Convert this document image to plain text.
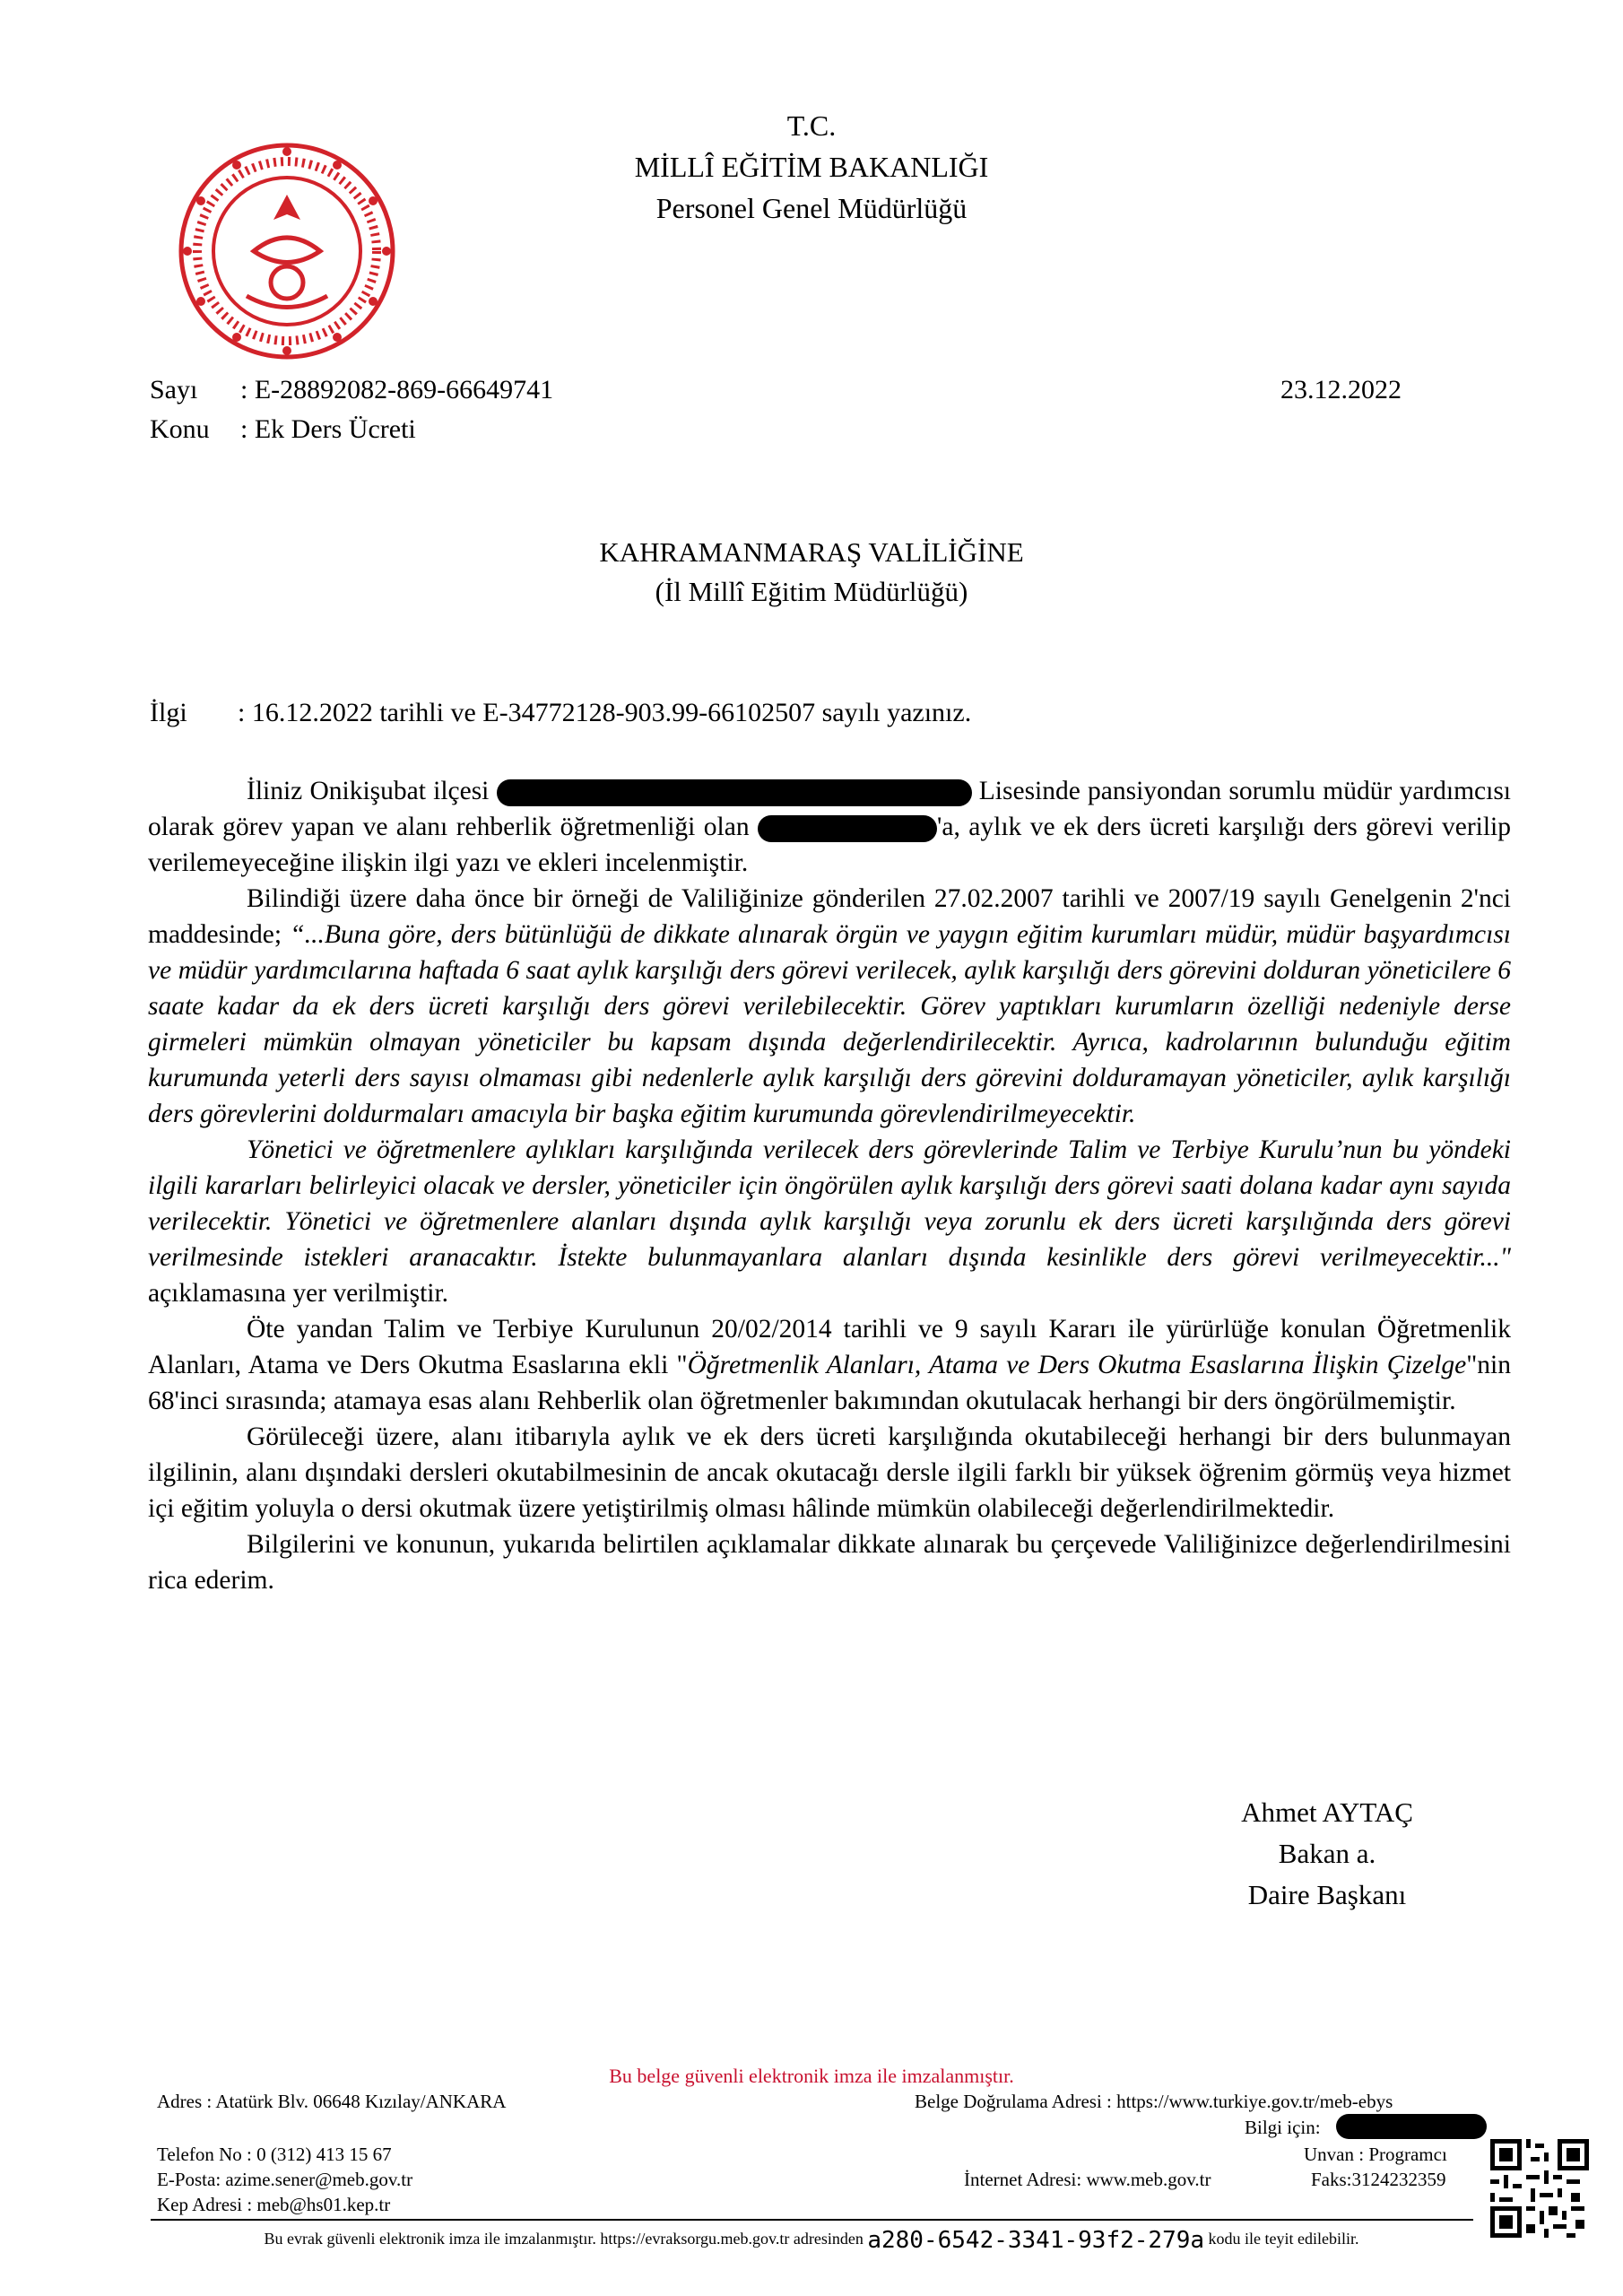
T.C.
MİLLÎ EĞİTİM BAKANLIĞI
Personel Genel Müdürlüğü
Sayı : E-28892082-869-66649741	23.12.2022
Konu : Ek Ders Ücreti
KAHRAMANMARAŞ VALİLİĞİNE
(İl Millî Eğitim Müdürlüğü)
İlgi : 16.12.2022 tarihli ve E-34772128-903.99-66102507 sayılı yazınız.

İliniz Onikişubat ilçesi	Lisesinde pansiyondan sorumlu müdür yardımcısı olarak görev yapan ve alanı rehberlik öğretmenliği olan	'a, aylık ve ek ders ücreti karşılığı ders görevi verilip verilemeyeceğine ilişkin ilgi yazı ve ekleri incelenmiştir.

Bilindiği üzere daha önce bir örneği de Valiliğinize gönderilen 27.02.2007 tarihli ve 2007/19 sayılı Genelgenin 2'nci maddesinde; “...Buna göre, ders bütünlüğü de dikkate alınarak örgün ve yaygın eğitim kurumları müdür, müdür başyardımcısı ve müdür yardımcılarına haftada 6 saat aylık karşılığı ders görevi verilecek, aylık karşılığı ders görevini dolduran yöneticilere 6 saate kadar da ek ders ücreti karşılığı ders görevi verilebilecektir. Görev yaptıkları kurumların özelliği nedeniyle derse girmeleri mümkün olmayan yöneticiler bu kapsam dışında değerlendirilecektir. Ayrıca, kadrolarının bulunduğu eğitim kurumunda yeterli ders sayısı olmaması gibi nedenlerle aylık karşılığı ders görevini dolduramayan yöneticiler, aylık karşılığı ders görevlerini doldurmaları amacıyla bir başka eğitim kurumunda görevlendirilmeyecektir.

Yönetici ve öğretmenlere aylıkları karşılığında verilecek ders görevlerinde Talim ve Terbiye Kurulu’nun bu yöndeki ilgili kararları belirleyici olacak ve dersler, yöneticiler için öngörülen aylık karşılığı ders görevi saati dolana kadar aynı sayıda verilecektir. Yönetici ve öğretmenlere alanları dışında aylık karşılığı veya zorunlu ek ders ücreti karşılığında ders görevi verilmesinde istekleri aranacaktır. İstekte bulunmayanlara alanları dışında kesinlikle ders görevi verilmeyecektir..." açıklamasına yer verilmiştir.

Öte yandan Talim ve Terbiye Kurulunun 20/02/2014 tarihli ve 9 sayılı Kararı ile yürürlüğe konulan Öğretmenlik Alanları, Atama ve Ders Okutma Esaslarına ekli "Öğretmenlik Alanları, Atama ve Ders Okutma Esaslarına İlişkin Çizelge"nin 68'inci sırasında; atamaya esas alanı Rehberlik olan öğretmenler bakımından okutulacak herhangi bir ders öngörülmemiştir.

Görüleceği üzere, alanı itibarıyla aylık ve ek ders ücreti karşılığında okutabileceği herhangi bir ders bulunmayan ilgilinin, alanı dışındaki dersleri okutabilmesinin de ancak okutacağı dersle ilgili farklı bir yüksek öğrenim görmüş veya hizmet içi eğitim yoluyla o dersi okutmak üzere yetiştirilmiş olması hâlinde mümkün olabileceği değerlendirilmektedir.

Bilgilerini ve konunun, yukarıda belirtilen açıklamalar dikkate alınarak bu çerçevede Valiliğinizce değerlendirilmesini rica ederim.

Ahmet AYTAÇ
Bakan a.
Daire Başkanı
Bu belge güvenli elektronik imza ile imzalanmıştır.
Adres : Atatürk Blv. 06648 Kızılay/ANKARA	Belge Doğrulama Adresi : https://www.turkiye.gov.tr/meb-ebys
Bilgi için:
Telefon No : 0 (312) 413 15 67	Unvan : Programcı
E-Posta: azime.sener@meb.gov.tr	İnternet Adresi: www.meb.gov.tr	Faks:3124232359
Kep Adresi : meb@hs01.kep.tr
Bu evrak güvenli elektronik imza ile imzalanmıştır. https://evraksorgu.meb.gov.tr adresinden a280-6542-3341-93f2-279a kodu ile teyit edilebilir.
